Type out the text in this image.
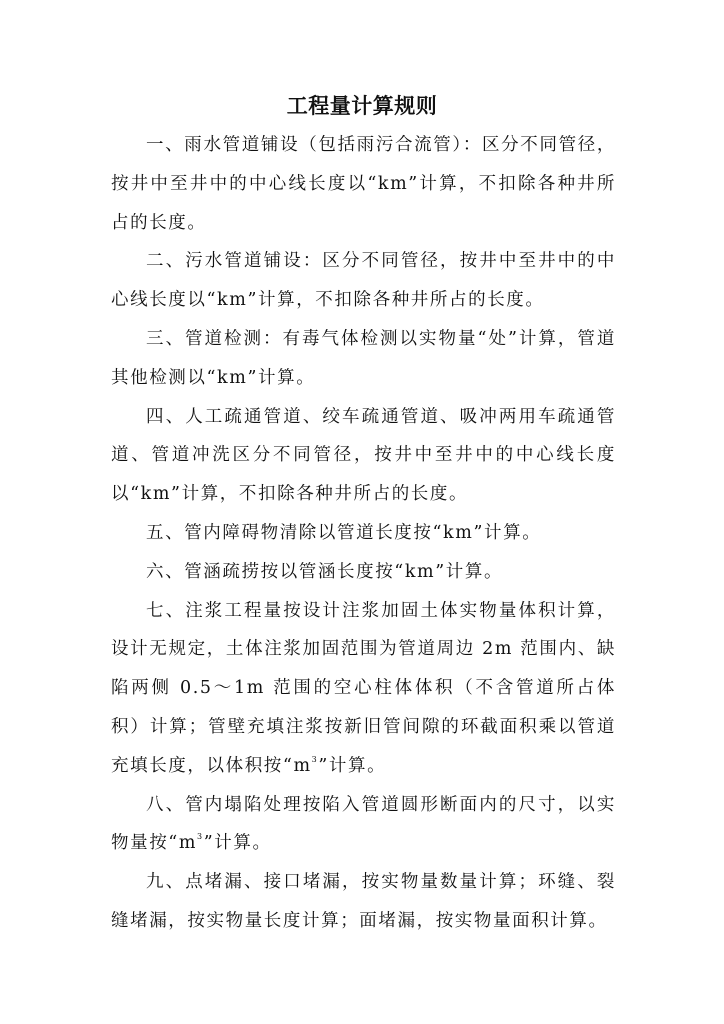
工程量计算规则

一、雨水管道铺设（包括雨污合流管）：区分不同管径，按井中至井中的中心线长度以“km”计算，不扣除各种井所占的长度。

二、污水管道铺设：区分不同管径，按井中至井中的中心线长度以“km”计算，不扣除各种井所占的长度。

三、管道检测：有毒气体检测以实物量“处”计算，管道其他检测以“km”计算。

四、人工疏通管道、绞车疏通管道、吸冲两用车疏通管道、管道冲洗区分不同管径，按井中至井中的中心线长度以“km”计算，不扣除各种井所占的长度。

五、管内障碍物清除以管道长度按“km”计算。

六、管涵疏捞按以管涵长度按“km”计算。

七、注浆工程量按设计注浆加固土体实物量体积计算，设计无规定，土体注浆加固范围为管道周边 2m 范围内、缺陷两侧 0.5～1m 范围的空心柱体体积（不含管道所占体积）计算；管壁充填注浆按新旧管间隙的环截面积乘以管道充填长度，以体积按“$m^3$”计算。

八、管内塌陷处理按陷入管道圆形断面内的尺寸，以实物量按“$m^3$”计算。

九、点堵漏、接口堵漏，按实物量数量计算；环缝、裂缝堵漏，按实物量长度计算；面堵漏，按实物量面积计算。
